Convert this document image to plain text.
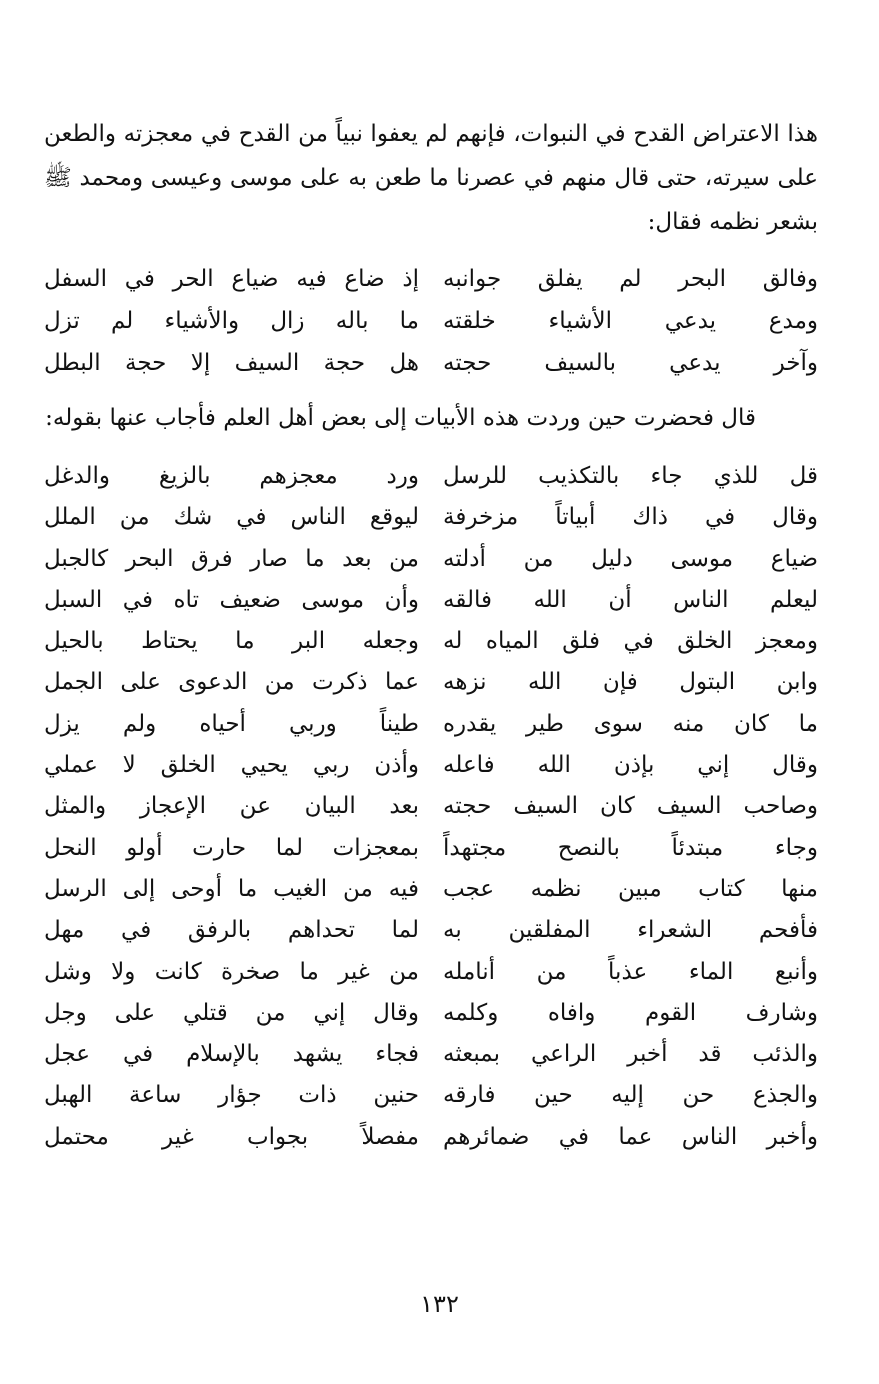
هذا الاعتراض القدح في النبوات، فإنهم لم يعفوا نبياً من القدح في معجزته والطعن على سيرته، حتى قال منهم في عصرنا ما طعن به على موسى وعيسى ومحمد ﷺ بشعر نظمه فقال:

وفالق البحر لم يفلق جوانبه
إذ ضاع فيه ضياع الحر في السفل
ومدع يدعي الأشياء خلقته
ما باله زال والأشياء لم تزل
وآخر يدعي بالسيف حجته
هل حجة السيف إلا حجة البطل

قال فحضرت حين وردت هذه الأبيات إلى بعض أهل العلم فأجاب عنها بقوله:

قل للذي جاء بالتكذيب للرسل
ورد معجزهم بالزيغ والدغل
وقال في ذاك أبياتاً مزخرفة
ليوقع الناس في شك من الملل
ضياع موسى دليل من أدلته
من بعد ما صار فرق البحر كالجبل
ليعلم الناس أن الله فالقه
وأن موسى ضعيف تاه في السبل
ومعجز الخلق في فلق المياه له
وجعله البر ما يحتاط بالحيل
وابن البتول فإن الله نزهه
عما ذكرت من الدعوى على الجمل
ما كان منه سوى طير يقدره
طيناً وربي أحياه ولم يزل
وقال إني بإذن الله فاعله
وأذن ربي يحيي الخلق لا عملي
وصاحب السيف كان السيف حجته
بعد البيان عن الإعجاز والمثل
وجاء مبتدئاً بالنصح مجتهداً
بمعجزات لما حارت أولو النحل
منها كتاب مبين نظمه عجب
فيه من الغيب ما أوحى إلى الرسل
فأفحم الشعراء المفلقين به
لما تحداهم بالرفق في مهل
وأنبع الماء عذباً من أنامله
من غير ما صخرة كانت ولا وشل
وشارف القوم وافاه وكلمه
وقال إني من قتلي على وجل
والذئب قد أخبر الراعي بمبعثه
فجاء يشهد بالإسلام في عجل
والجذع حن إليه حين فارقه
حنين ذات جؤار ساعة الهبل
وأخبر الناس عما في ضمائرهم
مفصلاً بجواب غير محتمل
١٣٢
